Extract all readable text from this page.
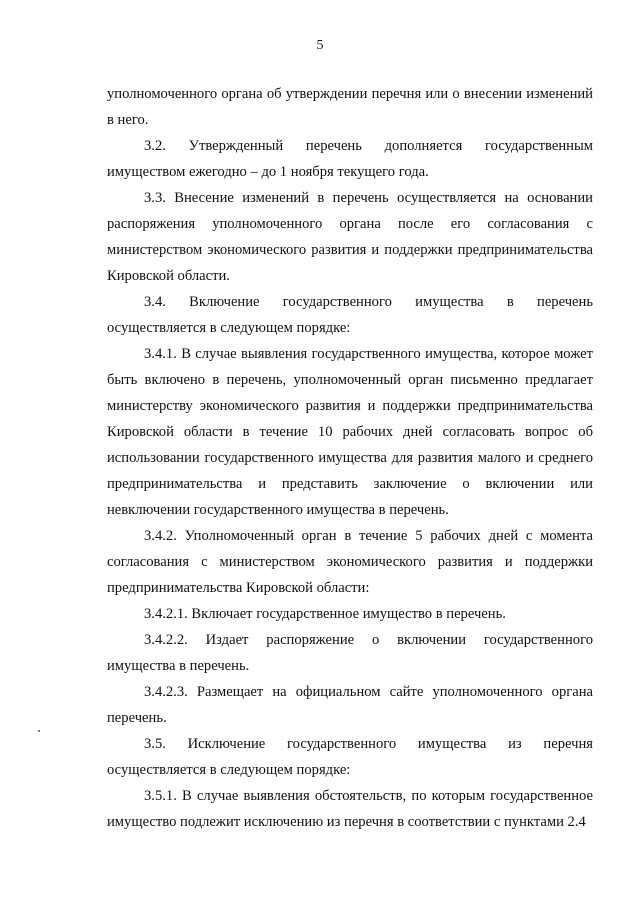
5

уполномоченного органа об утверждении перечня или о внесении изменений в него.

3.2. Утвержденный перечень дополняется государственным имуществом ежегодно – до 1 ноября текущего года.

3.3. Внесение изменений в перечень осуществляется на основании распоряжения уполномоченного органа после его согласования с министерством экономического развития и поддержки предпринимательства Кировской области.

3.4. Включение государственного имущества в перечень осуществляется в следующем порядке:

3.4.1. В случае выявления государственного имущества, которое может быть включено в перечень, уполномоченный орган письменно предлагает министерству экономического развития и поддержки предпринимательства Кировской области в течение 10 рабочих дней согласовать вопрос об использовании государственного имущества для развития малого и среднего предпринимательства и представить заключение о включении или невключении государственного имущества в перечень.

3.4.2. Уполномоченный орган в течение 5 рабочих дней с момента согласования с министерством экономического развития и поддержки предпринимательства Кировской области:

3.4.2.1. Включает государственное имущество в перечень.

3.4.2.2. Издает распоряжение о включении государственного имущества в перечень.

3.4.2.3. Размещает на официальном сайте уполномоченного органа перечень.

3.5. Исключение государственного имущества из перечня осуществляется в следующем порядке:

3.5.1. В случае выявления обстоятельств, по которым государственное имущество подлежит исключению из перечня в соответствии с пунктами 2.4
